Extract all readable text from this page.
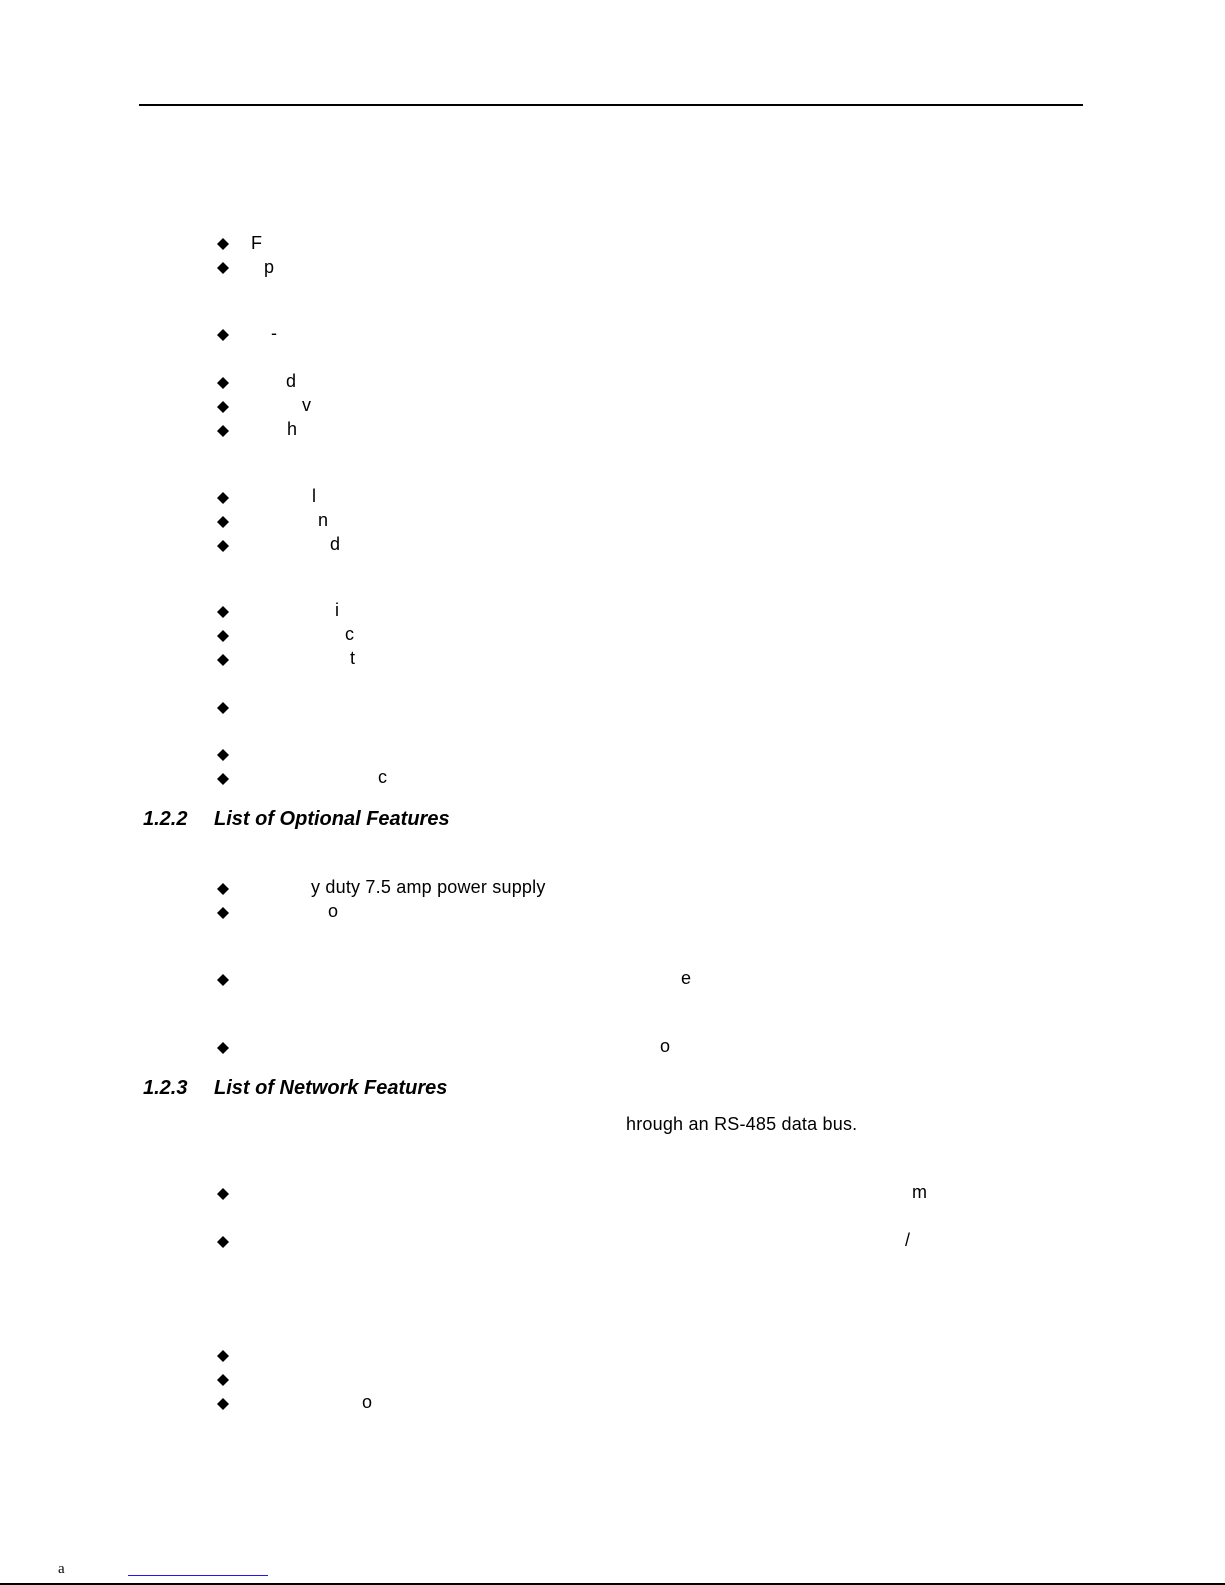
F
p
-
d
v
h
l
n
d
i
c
t
c
1.2.2 List of Optional Features
y duty 7.5 amp power supply
o
e
o
1.2.3 List of Network Features
hrough an RS-485 data bus.
m
/
o
a
